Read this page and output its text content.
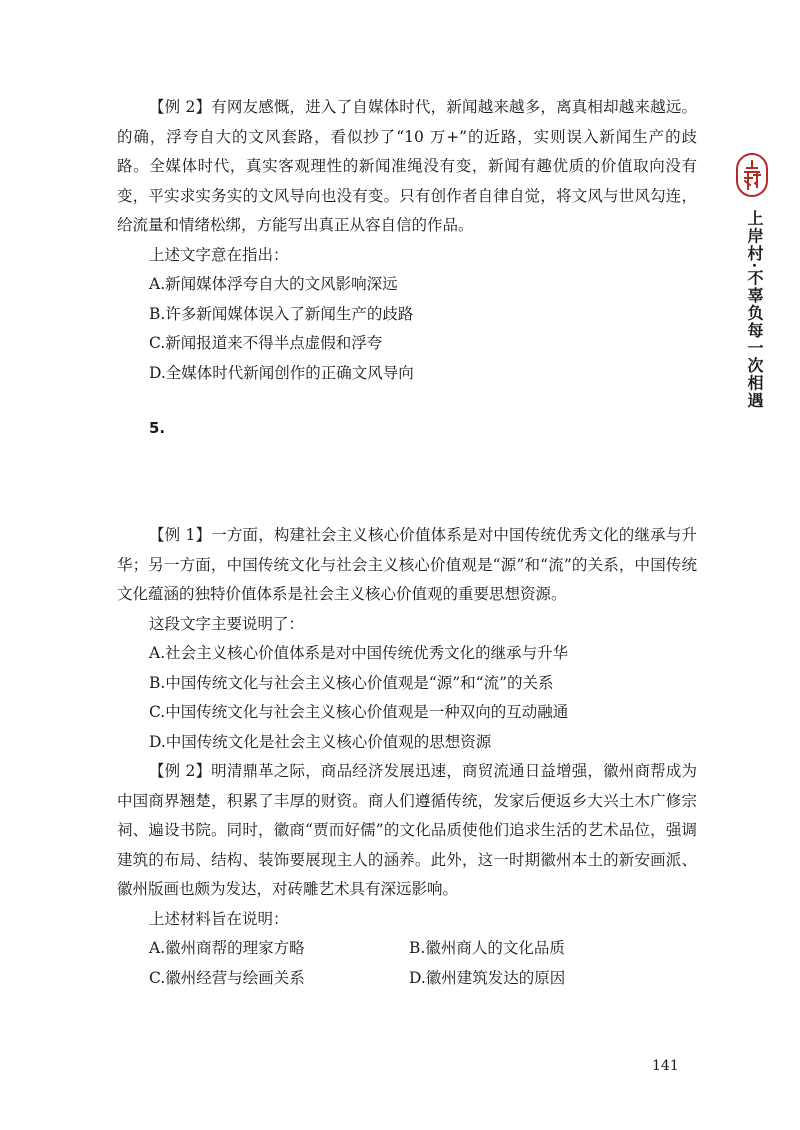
【例 2】有网友感慨，进入了自媒体时代，新闻越来越多，离真相却越来越远。的确，浮夸自大的文风套路，看似抄了“10 万+”的近路，实则误入新闻生产的歧路。全媒体时代，真实客观理性的新闻准绳没有变，新闻有趣优质的价值取向没有变，平实求实务实的文风导向也没有变。只有创作者自律自觉，将文风与世风勾连，给流量和情绪松绑，方能写出真正从容自信的作品。

上述文字意在指出：

A.新闻媒体浮夸自大的文风影响深远

B.许多新闻媒体误入了新闻生产的歧路

C.新闻报道来不得半点虚假和浮夸

D.全媒体时代新闻创作的正确文风导向

5.

【例 1】一方面，构建社会主义核心价值体系是对中国传统优秀文化的继承与升华；另一方面，中国传统文化与社会主义核心价值观是“源”和“流”的关系，中国传统文化蕴涵的独特价值体系是社会主义核心价值观的重要思想资源。

这段文字主要说明了：

A.社会主义核心价值体系是对中国传统优秀文化的继承与升华

B.中国传统文化与社会主义核心价值观是“源”和“流”的关系

C.中国传统文化与社会主义核心价值观是一种双向的互动融通

D.中国传统文化是社会主义核心价值观的思想资源

【例 2】明清鼎革之际，商品经济发展迅速，商贸流通日益增强，徽州商帮成为中国商界翘楚，积累了丰厚的财资。商人们遵循传统，发家后便返乡大兴土木广修宗祠、遍设书院。同时，徽商“贾而好儒”的文化品质使他们追求生活的艺术品位，强调建筑的布局、结构、装饰要展现主人的涵养。此外，这一时期徽州本土的新安画派、徽州版画也颇为发达，对砖雕艺术具有深远影响。

上述材料旨在说明：

A.徽州商帮的理家方略	B.徽州商人的文化品质
C.徽州经营与绘画关系	D.徽州建筑发达的原因
上岸村·不辜负每一次相遇
141
